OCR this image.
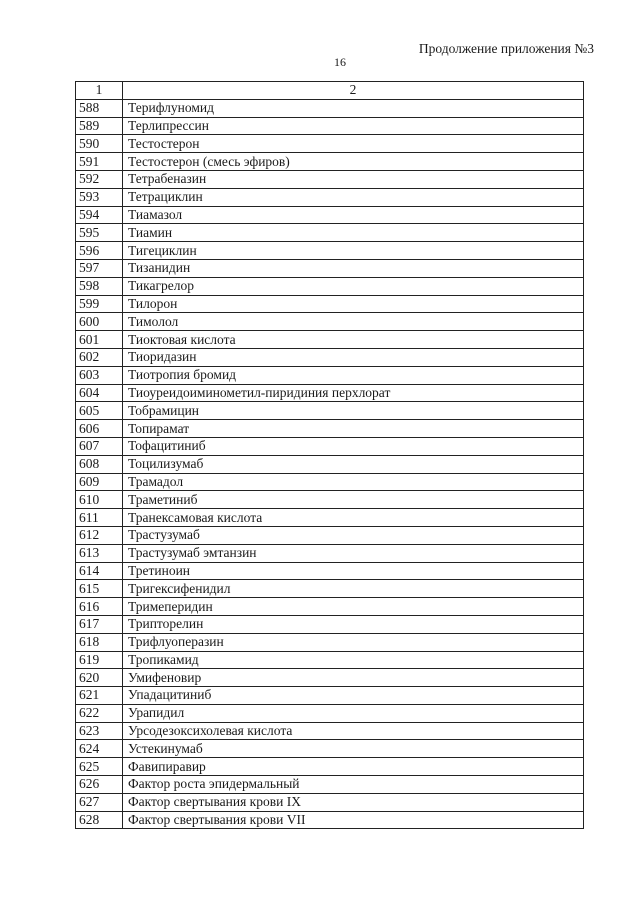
Продолжение приложения №3
16
1	2
588	Терифлуномид
589	Терлипрессин
590	Тестостерон
591	Тестостерон (смесь эфиров)
592	Тетрабеназин
593	Тетрациклин
594	Тиамазол
595	Тиамин
596	Тигециклин
597	Тизанидин
598	Тикагрелор
599	Тилорон
600	Тимолол
601	Тиоктовая кислота
602	Тиоридазин
603	Тиотропия бромид
604	Тиоуреидоиминометил-пиридиния перхлорат
605	Тобрамицин
606	Топирамат
607	Тофацитиниб
608	Тоцилизумаб
609	Трамадол
610	Траметиниб
611	Транексамовая кислота
612	Трастузумаб
613	Трастузумаб эмтанзин
614	Третиноин
615	Тригексифенидил
616	Тримеперидин
617	Трипторелин
618	Трифлуоперазин
619	Тропикамид
620	Умифеновир
621	Упадацитиниб
622	Урапидил
623	Урсодезоксихолевая кислота
624	Устекинумаб
625	Фавипиравир
626	Фактор роста эпидермальный
627	Фактор свертывания крови IX
628	Фактор свертывания крови VII
